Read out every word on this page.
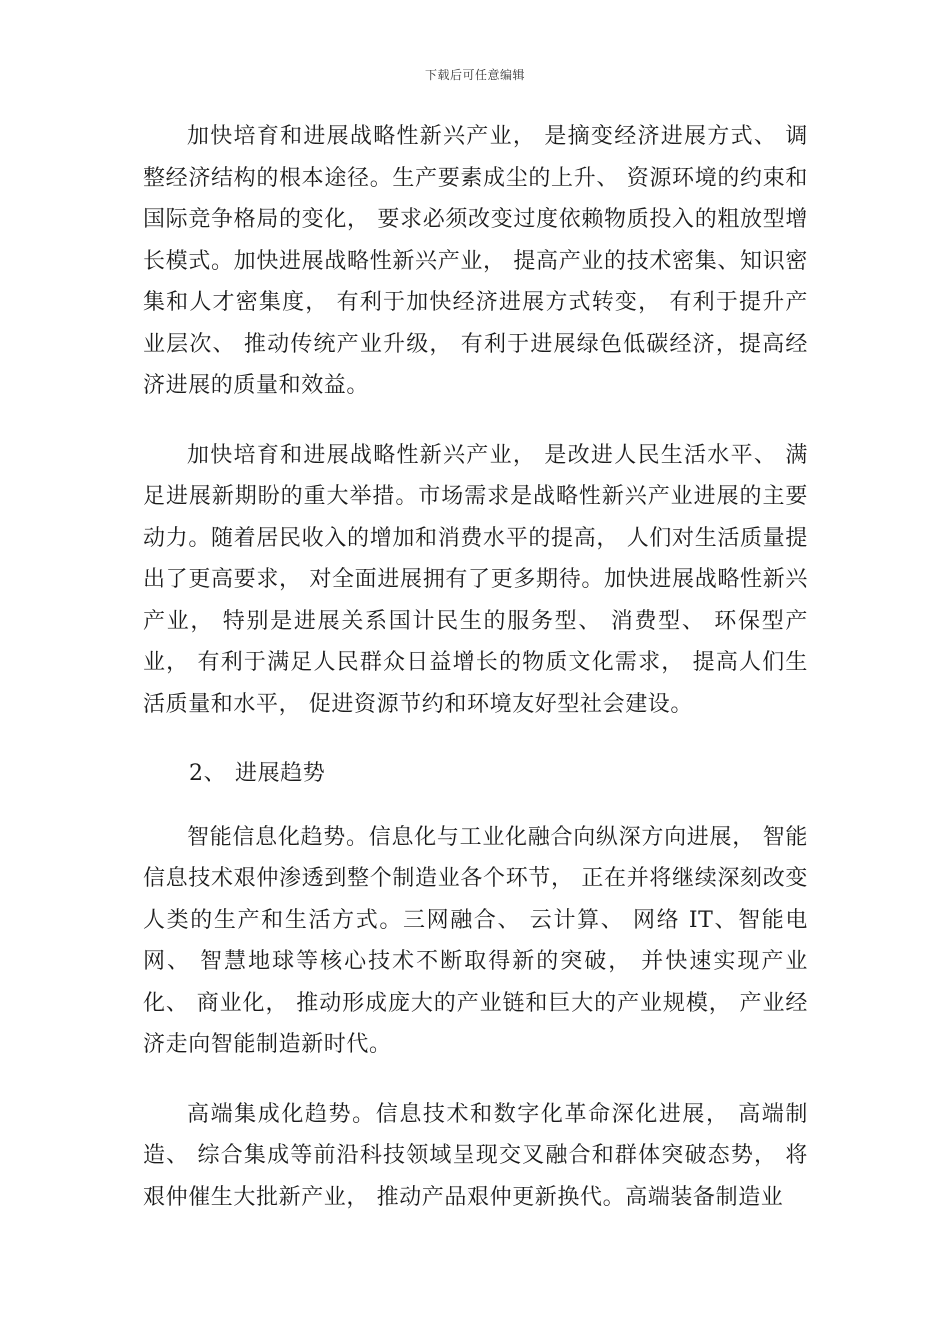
下载后可任意编辑

加快培育和进展战略性新兴产业， 是摘变经济进展方式、 调整经济结构的根本途径。生产要素成尘的上升、 资源环境的约束和国际竞争格局的变化， 要求必须改变过度依赖物质投入的粗放型增长模式。加快进展战略性新兴产业， 提高产业的技术密集、知识密集和人才密集度， 有利于加快经济进展方式转变， 有利于提升产业层次、 推动传统产业升级， 有利于进展绿色低碳经济，提高经济进展的质量和效益。

加快培育和进展战略性新兴产业， 是改进人民生活水平、 满足进展新期盼的重大举措。市场需求是战略性新兴产业进展的主要动力。随着居民收入的增加和消费水平的提高， 人们对生活质量提出了更高要求， 对全面进展拥有了更多期待。加快进展战略性新兴产业， 特别是进展关系国计民生的服务型、 消费型、 环保型产业， 有利于满足人民群众日益增长的物质文化需求， 提高人们生活质量和水平， 促进资源节约和环境友好型社会建设。

2、 进展趋势

智能信息化趋势。信息化与工业化融合向纵深方向进展， 智能信息技术艰仲渗透到整个制造业各个环节， 正在并将继续深刻改变人类的生产和生活方式。三网融合、 云计算、 网络 IT、智能电网、 智慧地球等核心技术不断取得新的突破， 并快速实现产业化、 商业化， 推动形成庞大的产业链和巨大的产业规模， 产业经济走向智能制造新时代。

高端集成化趋势。信息技术和数字化革命深化进展， 高端制造、 综合集成等前沿科技领域呈现交叉融合和群体突破态势， 将艰仲催生大批新产业， 推动产品艰仲更新换代。高端装备制造业
